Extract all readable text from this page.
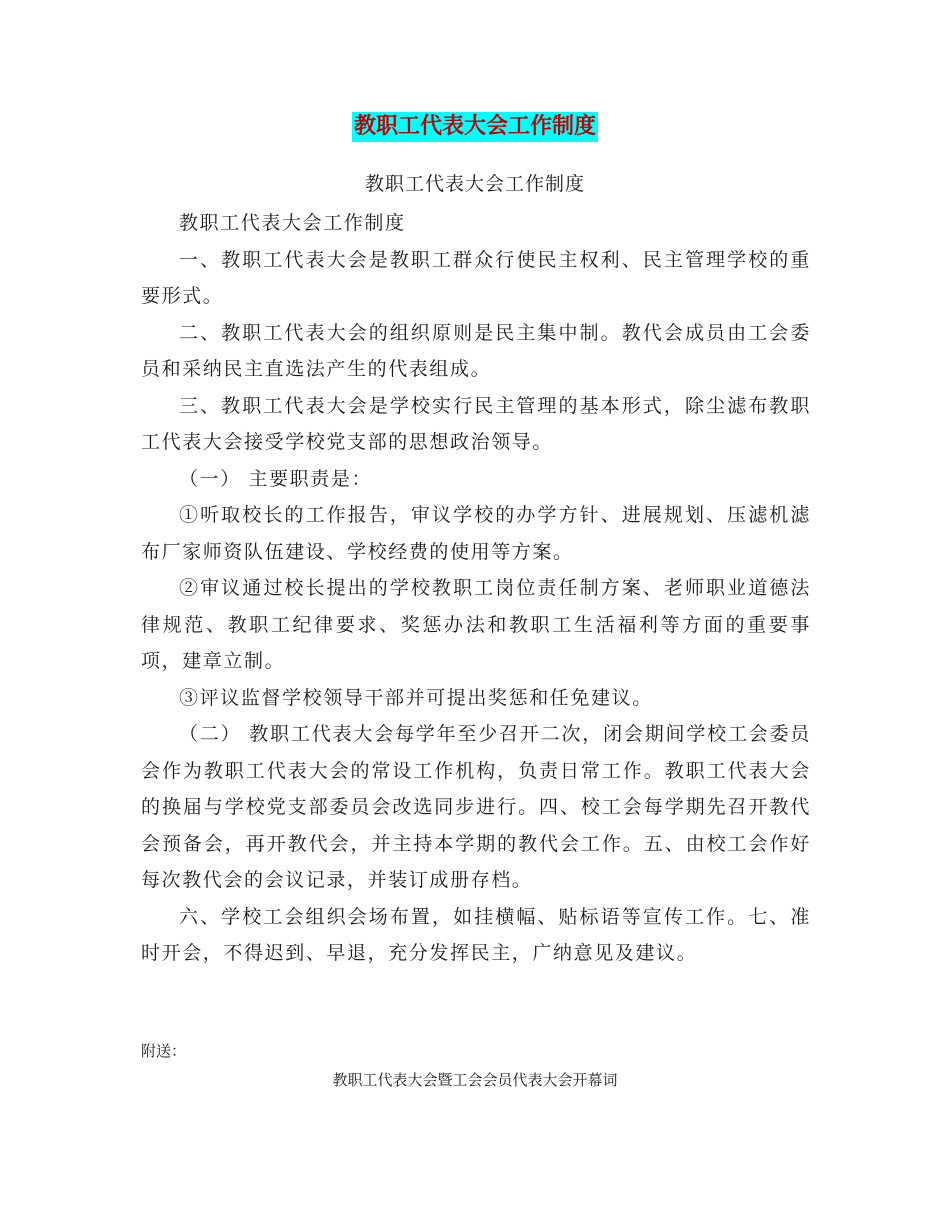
教职工代表大会工作制度
教职工代表大会工作制度

教职工代表大会工作制度

一、教职工代表大会是教职工群众行使民主权利、民主管理学校的重要形式。

二、教职工代表大会的组织原则是民主集中制。教代会成员由工会委员和采纳民主直选法产生的代表组成。

三、教职工代表大会是学校实行民主管理的基本形式，除尘滤布教职工代表大会接受学校党支部的思想政治领导。

（一） 主要职责是：

①听取校长的工作报告，审议学校的办学方针、进展规划、压滤机滤布厂家师资队伍建设、学校经费的使用等方案。

②审议通过校长提出的学校教职工岗位责任制方案、老师职业道德法律规范、教职工纪律要求、奖惩办法和教职工生活福利等方面的重要事项，建章立制。

③评议监督学校领导干部并可提出奖惩和任免建议。

（二） 教职工代表大会每学年至少召开二次，闭会期间学校工会委员会作为教职工代表大会的常设工作机构，负责日常工作。教职工代表大会的换届与学校党支部委员会改选同步进行。四、校工会每学期先召开教代会预备会，再开教代会，并主持本学期的教代会工作。五、由校工会作好每次教代会的会议记录，并装订成册存档。

六、学校工会组织会场布置，如挂横幅、贴标语等宣传工作。七、准时开会，不得迟到、早退，充分发挥民主，广纳意见及建议。

附送：
教职工代表大会暨工会会员代表大会开幕词
